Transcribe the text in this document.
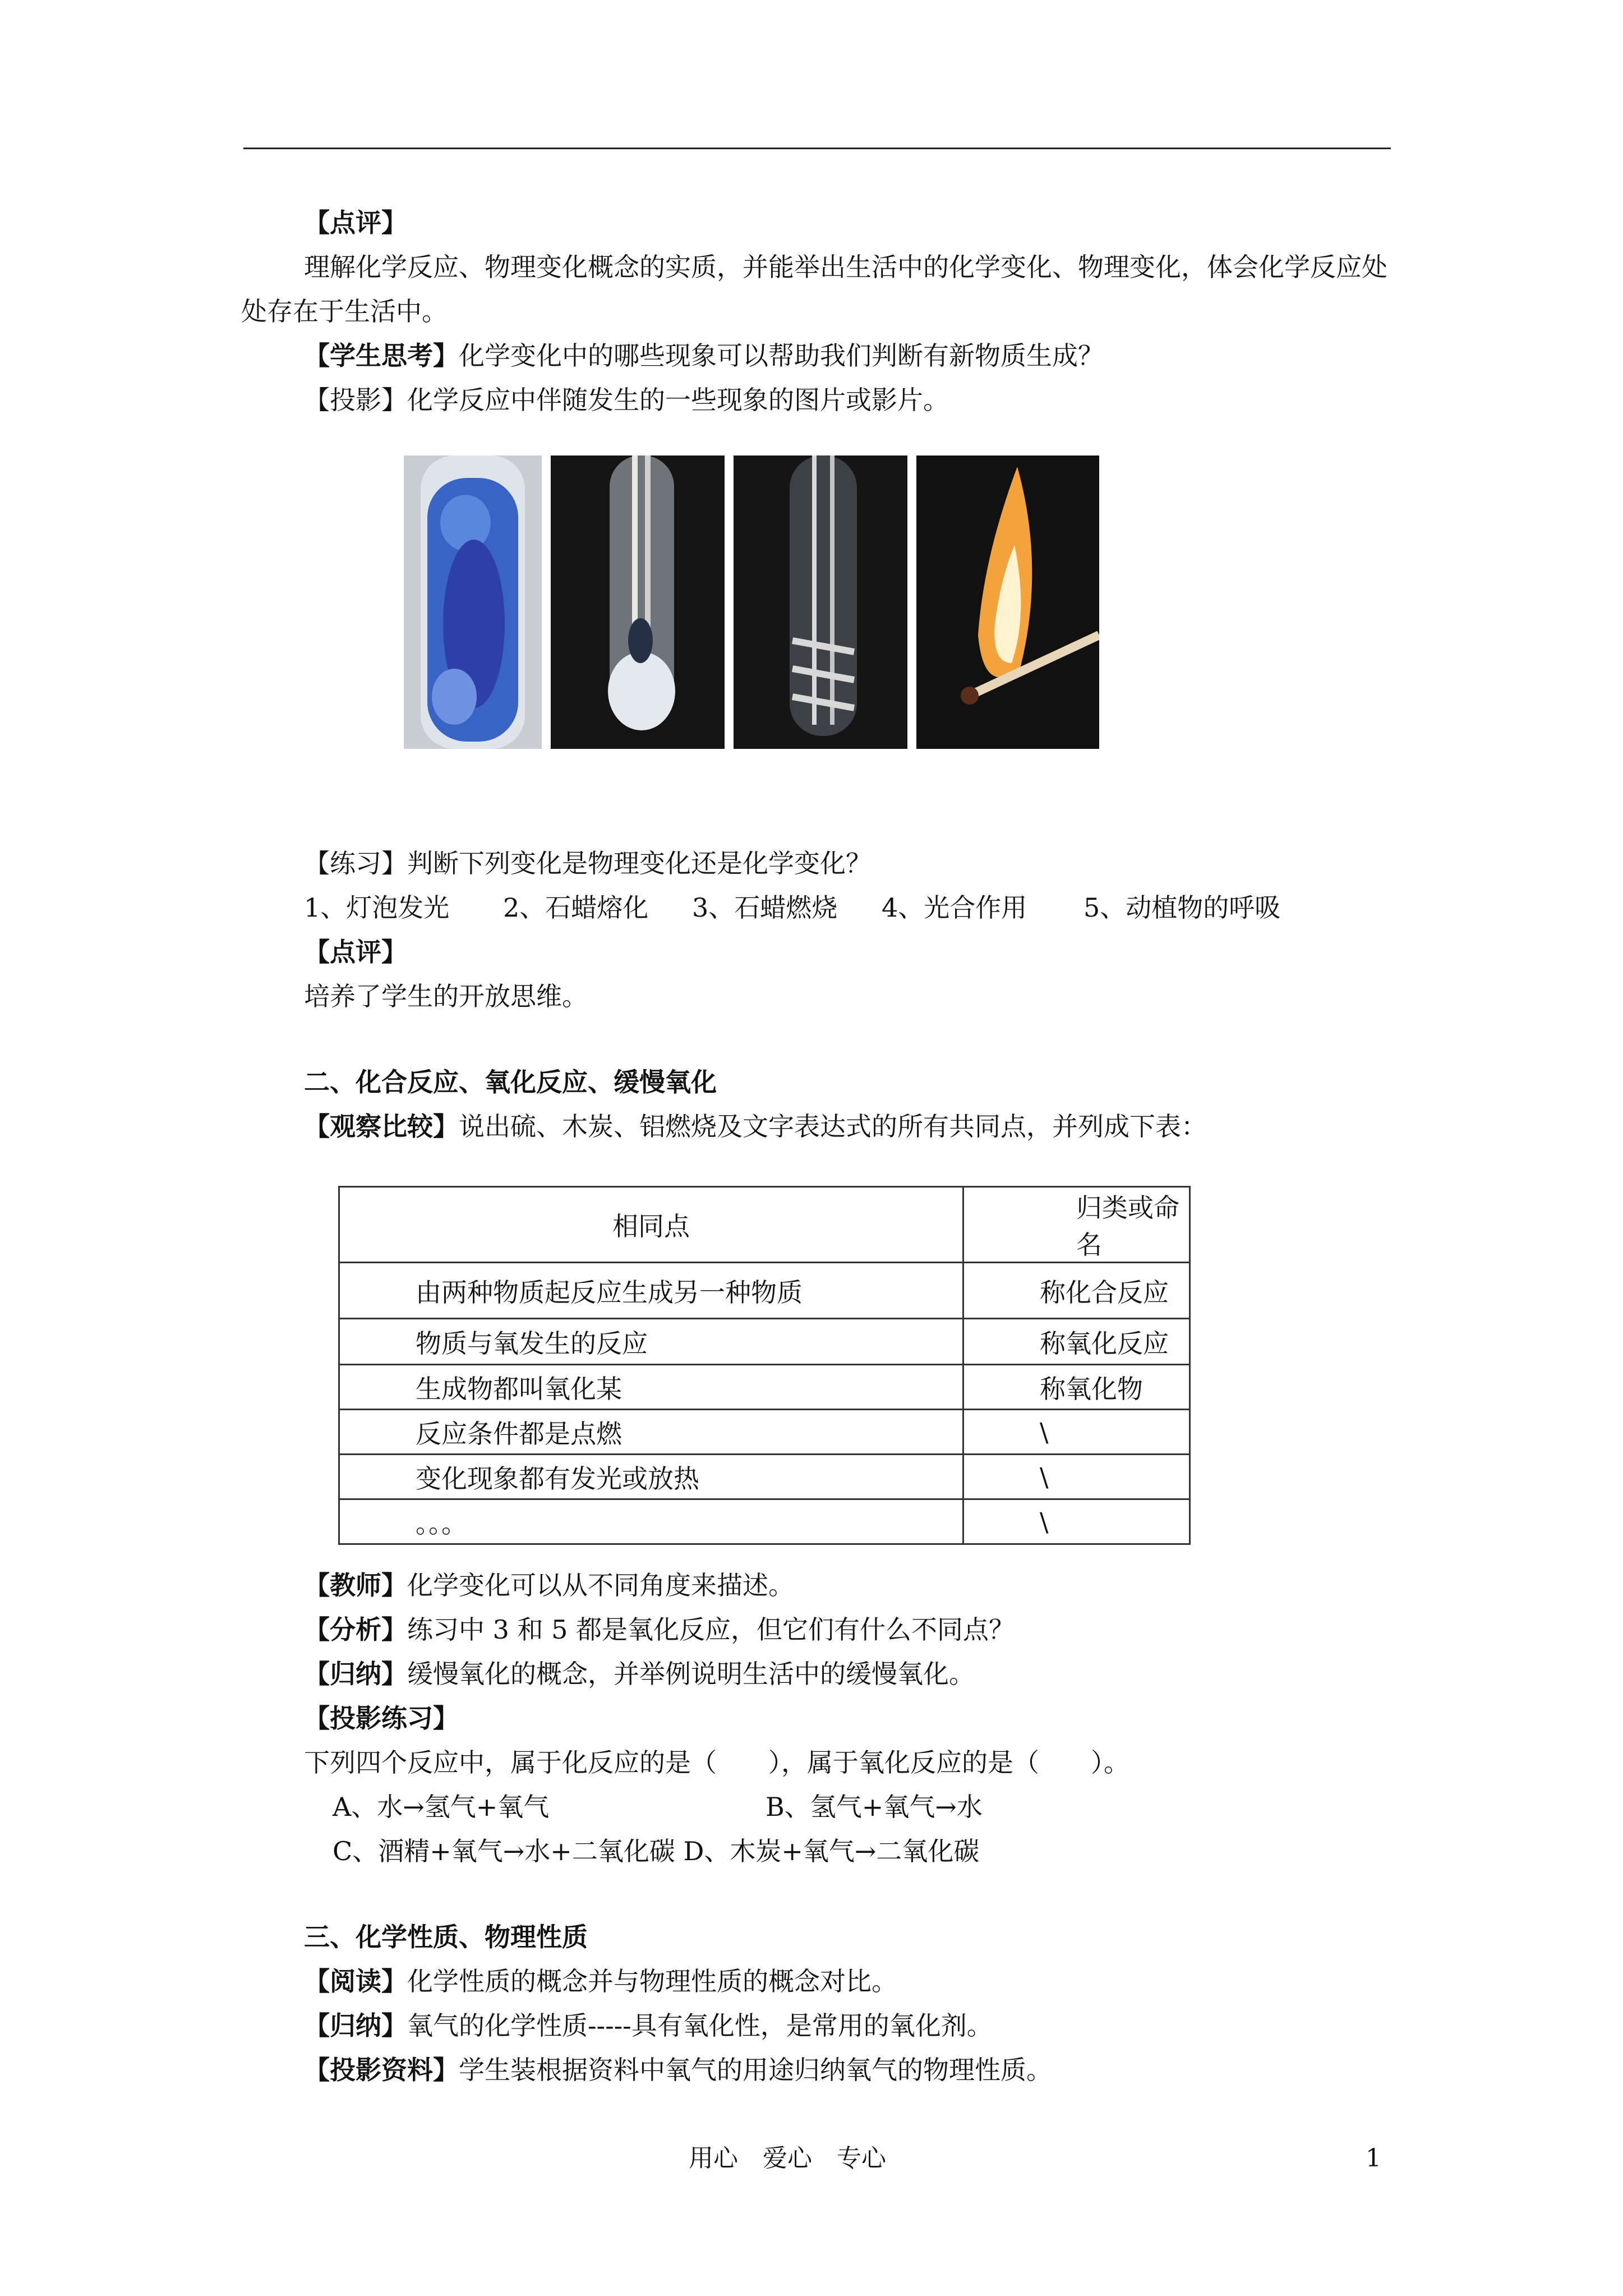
【点评】
理解化学反应、物理变化概念的实质，并能举出生活中的化学变化、物理变化，体会化学反应处处存在于生活中。
【学生思考】化学变化中的哪些现象可以帮助我们判断有新物质生成？
【投影】化学反应中伴随发生的一些现象的图片或影片。
【练习】判断下列变化是物理变化还是化学变化？
1、灯泡发光 2、石蜡熔化 3、石蜡燃烧 4、光合作用 5、动植物的呼吸
【点评】
培养了学生的开放思维。
二、化合反应、氧化反应、缓慢氧化
【观察比较】说出硫、木炭、铝燃烧及文字表达式的所有共同点，并列成下表：
相同点	归类或命名
由两种物质起反应生成另一种物质	称化合反应
物质与氧发生的反应	称氧化反应
生成物都叫氧化某	称氧化物
反应条件都是点燃	\
变化现象都有发光或放热	\
。。。	\
【教师】化学变化可以从不同角度来描述。
【分析】练习中 3 和 5 都是氧化反应，但它们有什么不同点？
【归纳】缓慢氧化的概念，并举例说明生活中的缓慢氧化。
【投影练习】
下列四个反应中，属于化反应的是（　　），属于氧化反应的是（　　）。
A、水→氢气+氧气	B、氢气+氧气→水
C、酒精+氧气→水+二氧化碳 D、木炭+氧气→二氧化碳
三、化学性质、物理性质
【阅读】化学性质的概念并与物理性质的概念对比。
【归纳】氧气的化学性质-----具有氧化性，是常用的氧化剂。
【投影资料】学生装根据资料中氧气的用途归纳氧气的物理性质。
用心　爱心　专心	1
